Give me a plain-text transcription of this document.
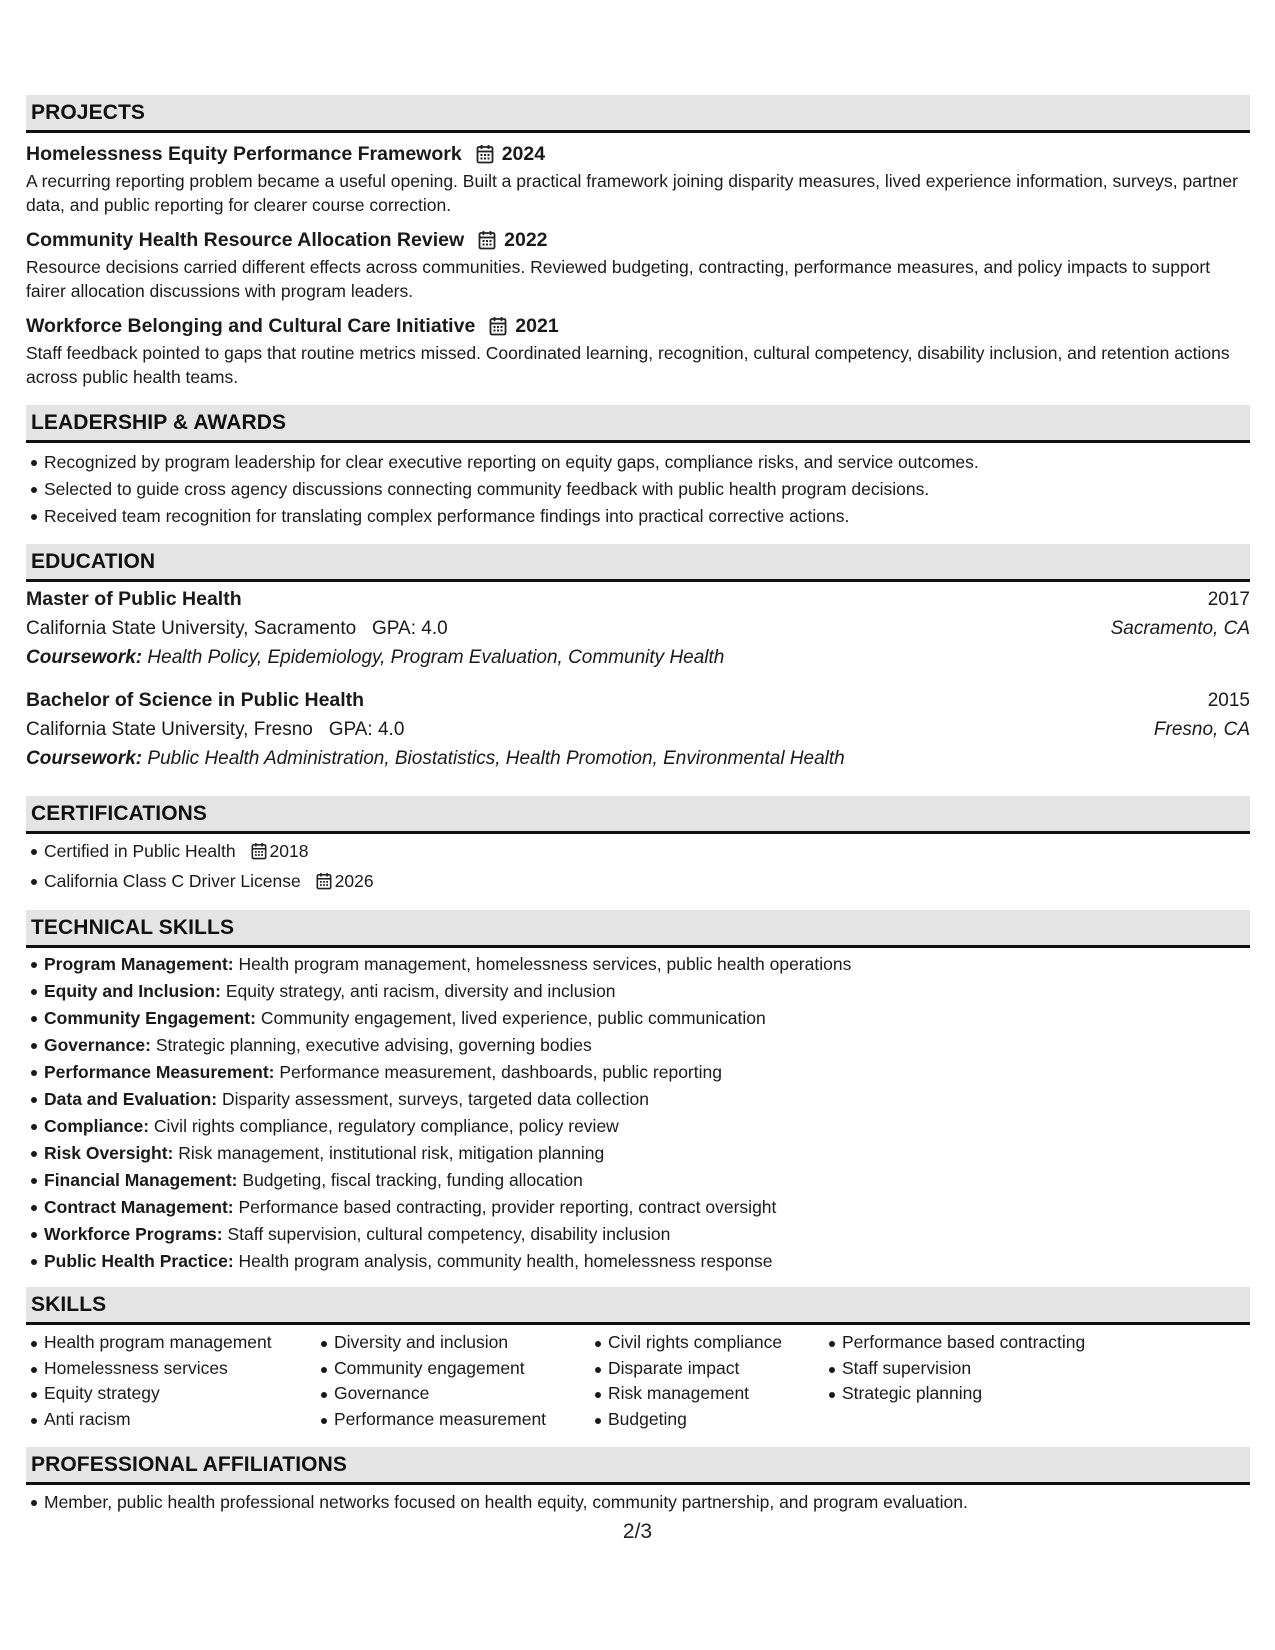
PROJECTS
Homelessness Equity Performance Framework 2024
A recurring reporting problem became a useful opening. Built a practical framework joining disparity measures, lived experience information, surveys, partner data, and public reporting for clearer course correction.
Community Health Resource Allocation Review 2022
Resource decisions carried different effects across communities. Reviewed budgeting, contracting, performance measures, and policy impacts to support fairer allocation discussions with program leaders.
Workforce Belonging and Cultural Care Initiative 2021
Staff feedback pointed to gaps that routine metrics missed. Coordinated learning, recognition, cultural competency, disability inclusion, and retention actions across public health teams.
LEADERSHIP & AWARDS
Recognized by program leadership for clear executive reporting on equity gaps, compliance risks, and service outcomes.
Selected to guide cross agency discussions connecting community feedback with public health program decisions.
Received team recognition for translating complex performance findings into practical corrective actions.
EDUCATION
Master of Public Health	2017
California State University, Sacramento GPA: 4.0	Sacramento, CA
Coursework: Health Policy, Epidemiology, Program Evaluation, Community Health
Bachelor of Science in Public Health	2015
California State University, Fresno GPA: 4.0	Fresno, CA
Coursework: Public Health Administration, Biostatistics, Health Promotion, Environmental Health
CERTIFICATIONS
Certified in Public Health 2018
California Class C Driver License 2026
TECHNICAL SKILLS
Program Management: Health program management, homelessness services, public health operations
Equity and Inclusion: Equity strategy, anti racism, diversity and inclusion
Community Engagement: Community engagement, lived experience, public communication
Governance: Strategic planning, executive advising, governing bodies
Performance Measurement: Performance measurement, dashboards, public reporting
Data and Evaluation: Disparity assessment, surveys, targeted data collection
Compliance: Civil rights compliance, regulatory compliance, policy review
Risk Oversight: Risk management, institutional risk, mitigation planning
Financial Management: Budgeting, fiscal tracking, funding allocation
Contract Management: Performance based contracting, provider reporting, contract oversight
Workforce Programs: Staff supervision, cultural competency, disability inclusion
Public Health Practice: Health program analysis, community health, homelessness response
SKILLS
Health program management
Homelessness services
Equity strategy
Anti racism
Diversity and inclusion
Community engagement
Governance
Performance measurement
Civil rights compliance
Disparate impact
Risk management
Budgeting
Performance based contracting
Staff supervision
Strategic planning
PROFESSIONAL AFFILIATIONS
Member, public health professional networks focused on health equity, community partnership, and program evaluation.
2/3
